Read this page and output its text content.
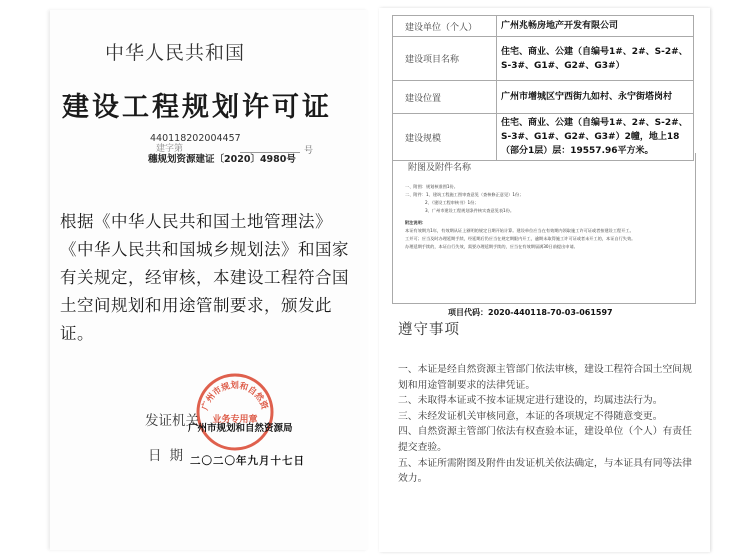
中华人民共和国
建设工程规划许可证
440118202004457
建字第	号
穗规划资源建证〔2020〕4980号
根据《中华人民共和国土地管理法》《中华人民共和国城乡规划法》和国家有关规定，经审核，本建设工程符合国土空间规划和用途管制要求，颁发此证。
广州市规划和自然资
业务专用章
发证机关
广州市规划和自然资源局
日期 二〇二〇年九月十七日
建设单位（个人）	广州兆畅房地产开发有限公司
建设项目名称	住宅、商业、公建（自编号1#、2#、S-2#、S-3#、G1#、G2#、G3#）
建设位置	广州市增城区宁西街九如村、永宁街塔岗村
建设规模	住宅、商业、公建（自编号1#、2#、S-2#、S-3#、G1#、G2#、G3#）2幢，地上18（部分1层）层：19557.96平方米。
附图及附件名称
一、附图：规划核准图1份。
二、附件：1、建筑工程施工图审查意见（查核修正意见）1份；
2、《建设工程审核书》1份；
3、广州市建设工程规划条件核实查意见表1份。
附注说明：
本证有效期为1年，有效期从证上颁明的规定日期开始计算。建设单位应当在有效期内领取施工许可证或者按建设工程开工。
工并可；应当及时办理延期手续，经延期后仍应当在规定期限内开工，逾期未取得施工许可证或者未开工的，本证自行失效。
办理延期手续的，本证自行失效，需要办理延期手续的，应当在有效期届满30日前提出申请。
项目代码：2020-440118-70-03-061597
遵守事项
一、本证是经自然资源主管部门依法审核，建设工程符合国土空间规划和用途管制要求的法律凭证。
二、未取得本证或不按本证规定进行建设的，均属违法行为。
三、未经发证机关审核同意，本证的各项规定不得随意变更。
四、自然资源主管部门依法有权查验本证，建设单位（个人）有责任提交查验。
五、本证所需附图及附件由发证机关依法确定，与本证具有同等法律效力。
